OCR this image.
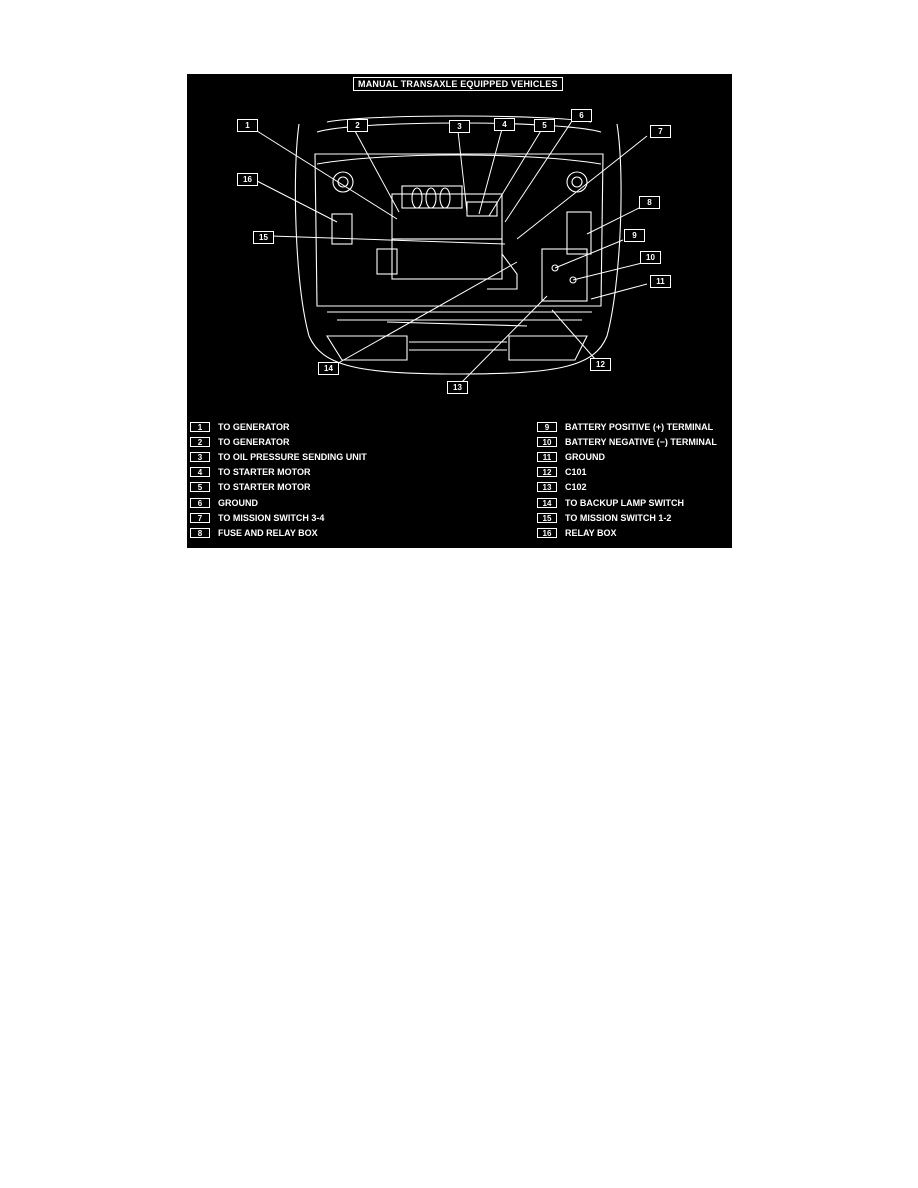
MANUAL TRANSAXLE EQUIPPED VEHICLES
1	2	3	4	5
6
7
8
9
10
11
12
13
14
15
16
1	TO GENERATOR
2	TO GENERATOR
3	TO OIL PRESSURE SENDING UNIT
4	TO STARTER MOTOR
5	TO STARTER MOTOR
6	GROUND
7	TO MISSION SWITCH 3-4
8	FUSE AND RELAY BOX
9	BATTERY POSITIVE (+) TERMINAL
10	BATTERY NEGATIVE (−) TERMINAL
11	GROUND
12	C101
13	C102
14	TO BACKUP LAMP SWITCH
15	TO MISSION SWITCH 1-2
16	RELAY BOX
